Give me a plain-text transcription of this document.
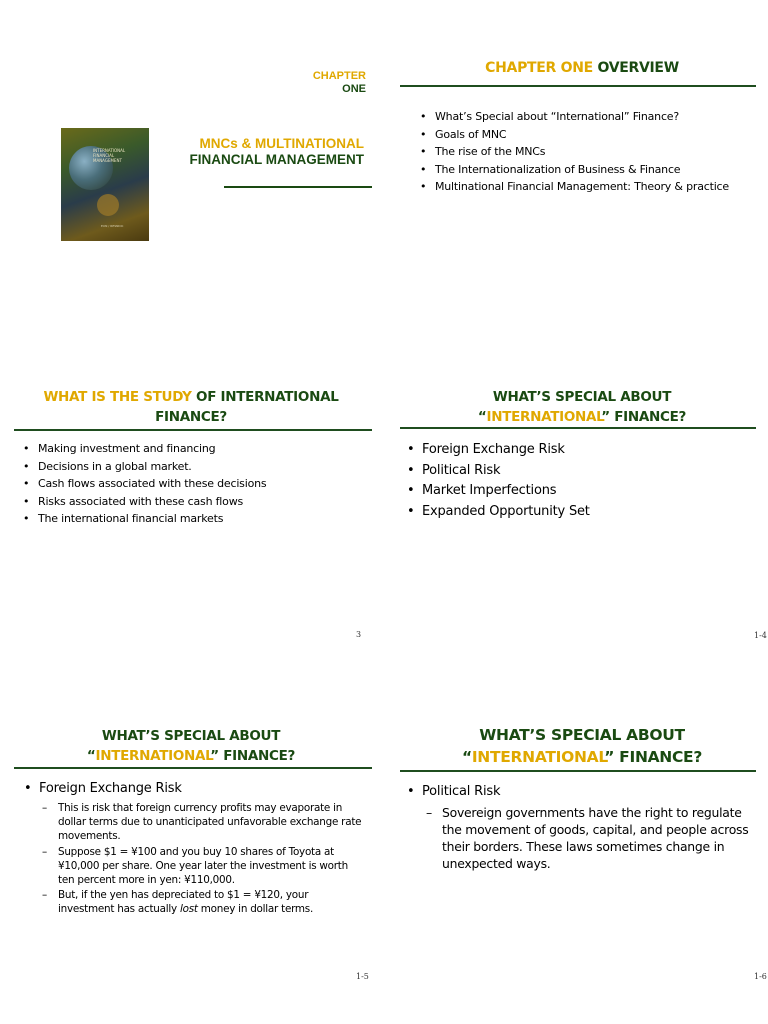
CHAPTER
ONE
INTERNATIONAL FINANCIAL MANAGEMENT
EUN / RESNICK
MNCs & MULTINATIONAL
FINANCIAL MANAGEMENT
CHAPTER ONE OVERVIEW
• What’s Special about “International” Finance?
• Goals of MNC
• The rise of the MNCs
• The Internationalization of Business & Finance
• Multinational Financial Management: Theory & practice
WHAT IS THE STUDY OF INTERNATIONAL
FINANCE?
• Making investment and financing
• Decisions in a global market.
• Cash flows associated with these decisions
• Risks associated with these cash flows
• The international financial markets
3
WHAT’S SPECIAL ABOUT
“INTERNATIONAL” FINANCE?
• Foreign Exchange Risk
• Political Risk
• Market Imperfections
• Expanded Opportunity Set
1-4
WHAT’S SPECIAL ABOUT
“INTERNATIONAL” FINANCE?
• Foreign Exchange Risk
– This is risk that foreign currency profits may evaporate in dollar terms due to unanticipated unfavorable exchange rate movements.
– Suppose $1 = ¥100 and you buy 10 shares of Toyota at ¥10,000 per share. One year later the investment is worth ten percent more in yen: ¥110,000.
– But, if the yen has depreciated to $1 = ¥120, your investment has actually lost money in dollar terms.
1-5
WHAT’S SPECIAL ABOUT
“INTERNATIONAL” FINANCE?
• Political Risk
– Sovereign governments have the right to regulate the movement of goods, capital, and people across their borders. These laws sometimes change in unexpected ways.
1-6
